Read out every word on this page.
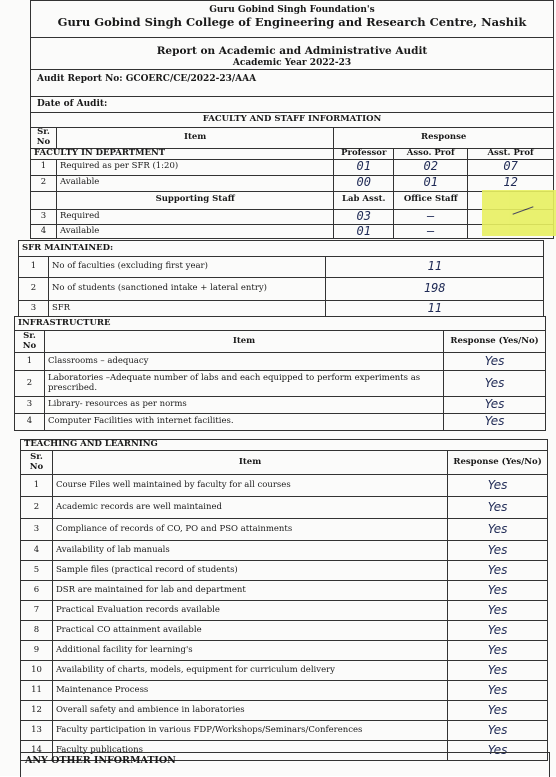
Guru Gobind Singh Foundation's
Guru Gobind Singh College of Engineering and Research Centre, Nashik
Report on Academic and Administrative Audit
Academic Year 2022-23
Audit Report No: GCOERC/CE/2022-23/AAA
Date of Audit:
FACULTY AND STAFF INFORMATION				
Sr. No	Item	Response		
FACULTY IN DEPARTMENT		Professor	Asso. Prof	Asst. Prof
1	Required as per SFR (1:20)	01	02	07
2	Available	00	01	12
	Supporting Staff	Lab Asst.	Office Staff	
3	Required	03	—	
4	Available	01	—	
SFR MAINTAINED:		
1	No of faculties (excluding first year)	11
2	No of students (sanctioned intake + lateral entry)	198
3	SFR	11
INFRASTRUCTURE		
Sr. No	Item	Response (Yes/No)
1	Classrooms – adequacy	Yes
2	Laboratories –Adequate number of labs and each equipped to perform experiments as prescribed.	Yes
3	Library- resources as per norms	Yes
4	Computer Facilities with internet facilities.	Yes
TEACHING AND LEARNING		
Sr. No	Item	Response (Yes/No)
1	Course Files well maintained by faculty for all courses	Yes
2	Academic records are well maintained	Yes
3	Compliance of records of CO, PO and PSO attainments	Yes
4	Availability of lab manuals	Yes
5	Sample files (practical record of students)	Yes
6	DSR are maintained for lab and department	Yes
7	Practical Evaluation records available	Yes
8	Practical CO attainment available	Yes
9	Additional facility for learning's	Yes
10	Availability of charts, models, equipment for curriculum delivery	Yes
11	Maintenance Process	Yes
12	Overall safety and ambience in laboratories	Yes
13	Faculty participation in various FDP/Workshops/Seminars/Conferences	Yes
14	Faculty publications	Yes
ANY OTHER INFORMATION
